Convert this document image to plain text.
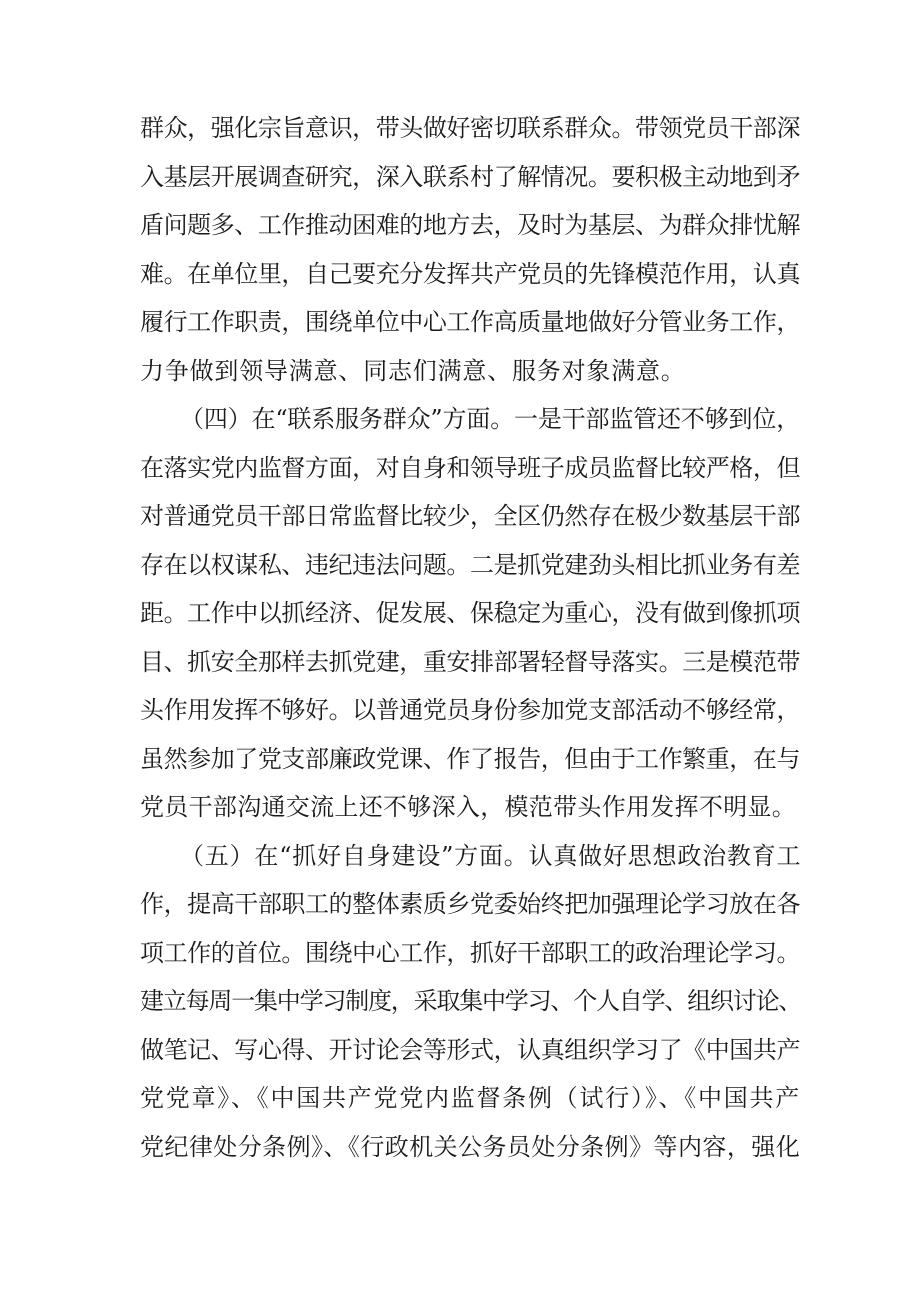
群众，强化宗旨意识，带头做好密切联系群众。带领党员干部深
入基层开展调查研究，深入联系村了解情况。要积极主动地到矛
盾问题多、工作推动困难的地方去，及时为基层、为群众排忧解
难。在单位里，自己要充分发挥共产党员的先锋模范作用，认真
履行工作职责，围绕单位中心工作高质量地做好分管业务工作，
力争做到领导满意、同志们满意、服务对象满意。
（四）在“联系服务群众”方面。一是干部监管还不够到位，
在落实党内监督方面，对自身和领导班子成员监督比较严格，但
对普通党员干部日常监督比较少，全区仍然存在极少数基层干部
存在以权谋私、违纪违法问题。二是抓党建劲头相比抓业务有差
距。工作中以抓经济、促发展、保稳定为重心，没有做到像抓项
目、抓安全那样去抓党建，重安排部署轻督导落实。三是模范带
头作用发挥不够好。以普通党员身份参加党支部活动不够经常，
虽然参加了党支部廉政党课、作了报告，但由于工作繁重，在与
党员干部沟通交流上还不够深入，模范带头作用发挥不明显。
（五）在“抓好自身建设”方面。认真做好思想政治教育工
作，提高干部职工的整体素质乡党委始终把加强理论学习放在各
项工作的首位。围绕中心工作，抓好干部职工的政治理论学习。
建立每周一集中学习制度，采取集中学习、个人自学、组织讨论、
做笔记、写心得、开讨论会等形式，认真组织学习了《中国共产
党党章》、《中国共产党党内监督条例（试行）》、《中国共产
党纪律处分条例》、《行政机关公务员处分条例》等内容，强化
